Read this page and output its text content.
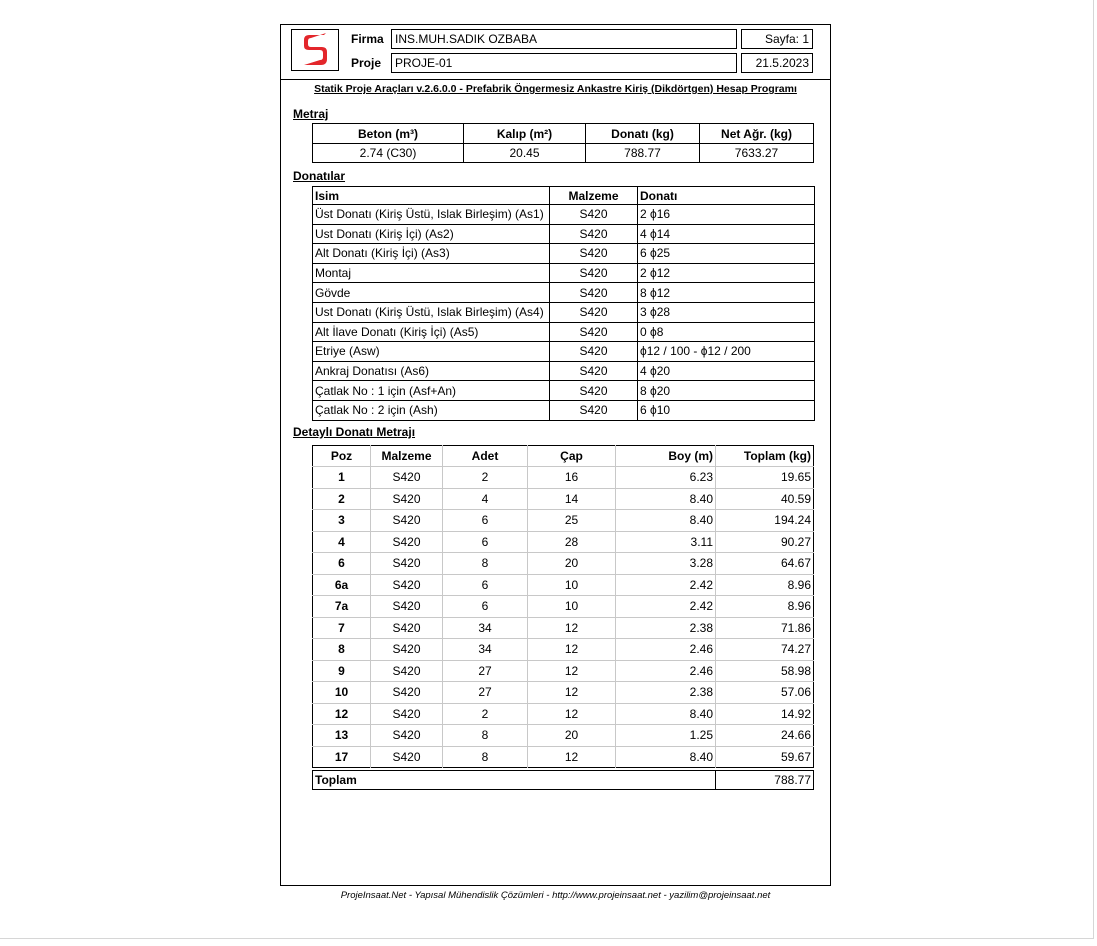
Firma INS.MUH.SADIK OZBABA	Sayfa: 1
Proje	PROJE-01	21.5.2023
Statik Proje Araçları v.2.6.0.0 - Prefabrik Öngermesiz Ankastre Kiriş (Dikdörtgen) Hesap Programı
Metraj
Beton (m³)	Kalıp (m²)	Donatı (kg)	Net Ağr. (kg)
2.74 (C30)	20.45	788.77	7633.27
Donatılar
Isim	Malzeme	Donatı
Üst Donatı (Kiriş Üstü, Islak Birleşim) (As1)	S420	2 ϕ16
Ust Donatı (Kiriş İçi) (As2)	S420	4 ϕ14
Alt Donatı (Kiriş İçi) (As3)	S420	6 ϕ25
Montaj	S420	2 ϕ12
Gövde	S420	8 ϕ12
Ust Donatı (Kiriş Üstü, Islak Birleşim) (As4)	S420	3 ϕ28
Alt İlave Donatı (Kiriş İçi) (As5)	S420	0 ϕ8
Etriye (Asw)	S420	ϕ12 / 100 - ϕ12 / 200
Ankraj Donatısı (As6)	S420	4 ϕ20
Çatlak No : 1 için (Asf+An)	S420	8 ϕ20
Çatlak No : 2 için (Ash)	S420	6 ϕ10
Detaylı Donatı Metrajı
Poz	Malzeme	Adet	Çap	Boy (m)	Toplam (kg)
1	S420	2	16	6.23	19.65
2	S420	4	14	8.40	40.59
3	S420	6	25	8.40	194.24
4	S420	6	28	3.11	90.27
6	S420	8	20	3.28	64.67
6a	S420	6	10	2.42	8.96
7a	S420	6	10	2.42	8.96
7	S420	34	12	2.38	71.86
8	S420	34	12	2.46	74.27
9	S420	27	12	2.46	58.98
10	S420	27	12	2.38	57.06
12	S420	2	12	8.40	14.92
13	S420	8	20	1.25	24.66
17	S420	8	12	8.40	59.67
Toplam	788.77
ProjeInsaat.Net - Yapısal Mühendislik Çözümleri - http://www.projeinsaat.net - yazilim@projeinsaat.net
